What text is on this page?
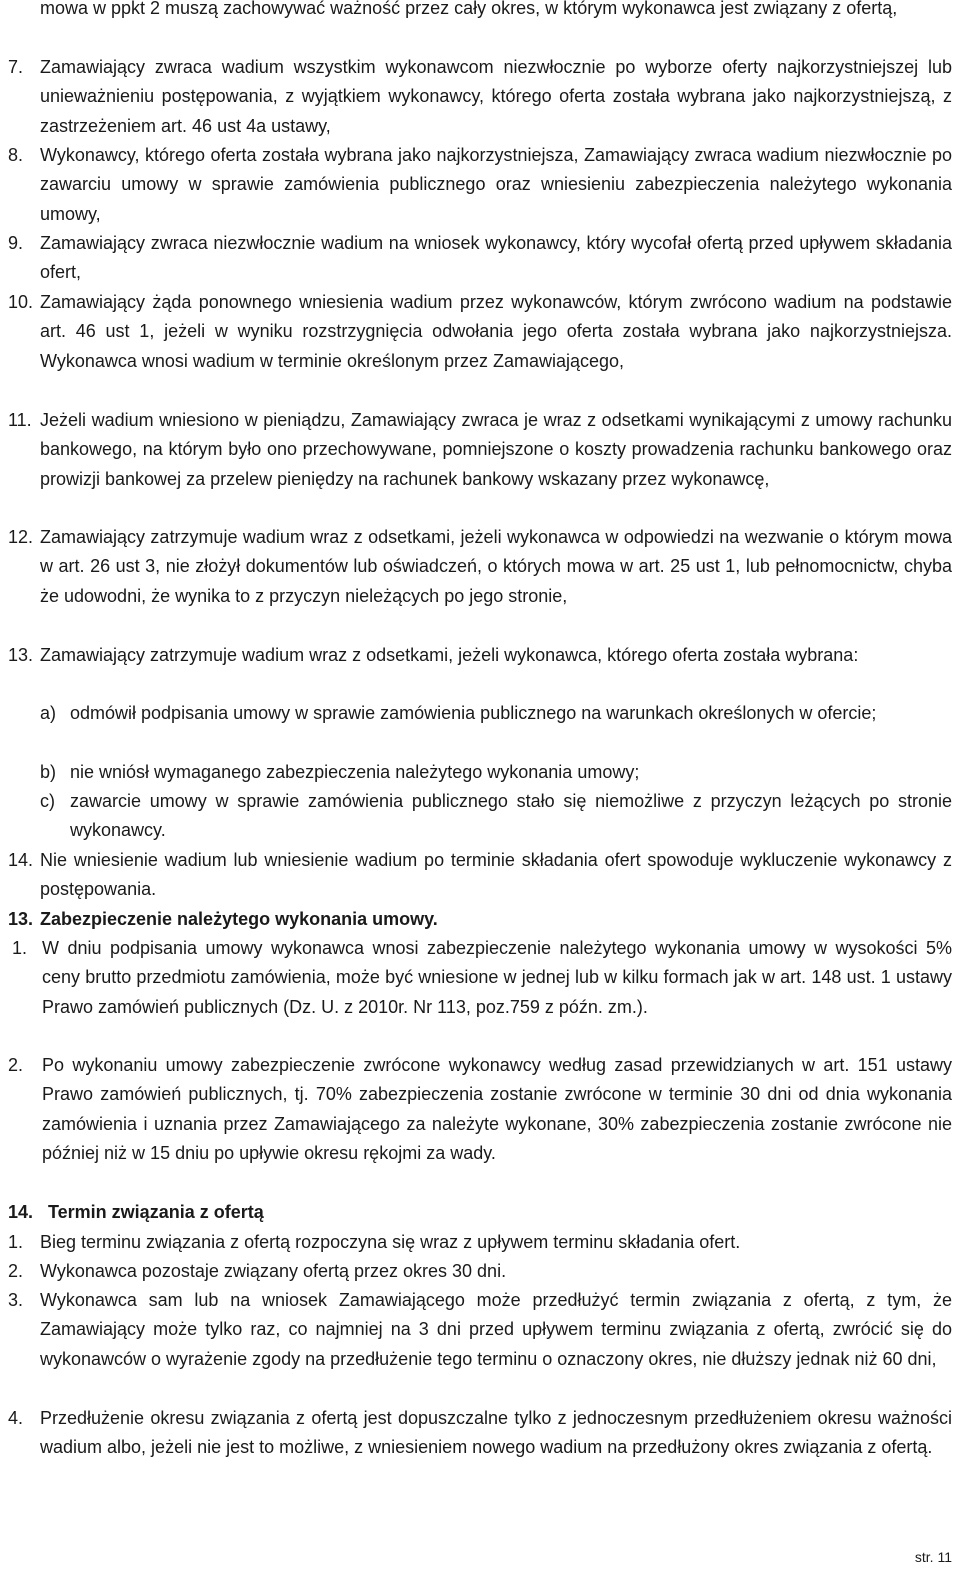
mowa w ppkt 2 muszą zachowywać ważność przez cały okres, w którym wykonawca jest związany z ofertą,
7. Zamawiający zwraca wadium wszystkim wykonawcom niezwłocznie po wyborze oferty najkorzystniejszej lub unieważnieniu postępowania, z wyjątkiem wykonawcy, którego oferta została wybrana jako najkorzystniejszą, z zastrzeżeniem art. 46 ust 4a ustawy,
8. Wykonawcy, którego oferta została wybrana jako najkorzystniejsza, Zamawiający zwraca wadium niezwłocznie po zawarciu umowy w sprawie zamówienia publicznego oraz wniesieniu zabezpieczenia należytego wykonania umowy,
9. Zamawiający zwraca niezwłocznie wadium na wniosek wykonawcy, który wycofał ofertą przed upływem składania ofert,
10. Zamawiający żąda ponownego wniesienia wadium przez wykonawców, którym zwrócono wadium na podstawie art. 46 ust 1, jeżeli w wyniku rozstrzygnięcia odwołania jego oferta została wybrana jako najkorzystniejsza. Wykonawca wnosi wadium w terminie określonym przez Zamawiającego,
11. Jeżeli wadium wniesiono w pieniądzu, Zamawiający zwraca je wraz z odsetkami wynikającymi z umowy rachunku bankowego, na którym było ono przechowywane, pomniejszone o koszty prowadzenia rachunku bankowego oraz prowizji bankowej za przelew pieniędzy na rachunek bankowy wskazany przez wykonawcę,
12. Zamawiający zatrzymuje wadium wraz z odsetkami, jeżeli wykonawca w odpowiedzi na wezwanie o którym mowa w art. 26 ust 3, nie złożył dokumentów lub oświadczeń, o których mowa w art. 25 ust 1, lub pełnomocnictw, chyba że udowodni, że wynika to z przyczyn nieleżących po jego stronie,
13. Zamawiający zatrzymuje wadium wraz z odsetkami, jeżeli wykonawca, którego oferta została wybrana:
a) odmówił podpisania umowy w sprawie zamówienia publicznego na warunkach określonych w ofercie;
b) nie wniósł wymaganego zabezpieczenia należytego wykonania umowy;
c) zawarcie umowy w sprawie zamówienia publicznego stało się niemożliwe z przyczyn leżących po stronie wykonawcy.
14. Nie wniesienie wadium lub wniesienie wadium po terminie składania ofert spowoduje wykluczenie wykonawcy z postępowania.
13. Zabezpieczenie należytego wykonania umowy.
1. W dniu podpisania umowy wykonawca wnosi zabezpieczenie należytego wykonania umowy w wysokości 5% ceny brutto przedmiotu zamówienia, może być wniesione w jednej lub w kilku formach jak w art. 148 ust. 1 ustawy Prawo zamówień publicznych (Dz. U. z 2010r. Nr 113, poz.759 z późn. zm.).
2. Po wykonaniu umowy zabezpieczenie zwrócone wykonawcy według zasad przewidzianych w art. 151 ustawy Prawo zamówień publicznych, tj. 70% zabezpieczenia zostanie zwrócone w terminie 30 dni od dnia wykonania zamówienia i uznania przez Zamawiającego za należyte wykonane, 30% zabezpieczenia zostanie zwrócone nie później niż w 15 dniu po upływie okresu rękojmi za wady.
14. Termin związania z ofertą
1. Bieg terminu związania z ofertą rozpoczyna się wraz z upływem terminu składania ofert.
2. Wykonawca pozostaje związany ofertą przez okres 30 dni.
3. Wykonawca sam lub na wniosek Zamawiającego może przedłużyć termin związania z ofertą, z tym, że Zamawiający może tylko raz, co najmniej na 3 dni przed upływem terminu związania z ofertą, zwrócić się do wykonawców o wyrażenie zgody na przedłużenie tego terminu o oznaczony okres, nie dłuższy jednak niż 60 dni,
4. Przedłużenie okresu związania z ofertą jest dopuszczalne tylko z jednoczesnym przedłużeniem okresu ważności wadium albo, jeżeli nie jest to możliwe, z wniesieniem nowego wadium na przedłużony okres związania z ofertą.
str. 11
